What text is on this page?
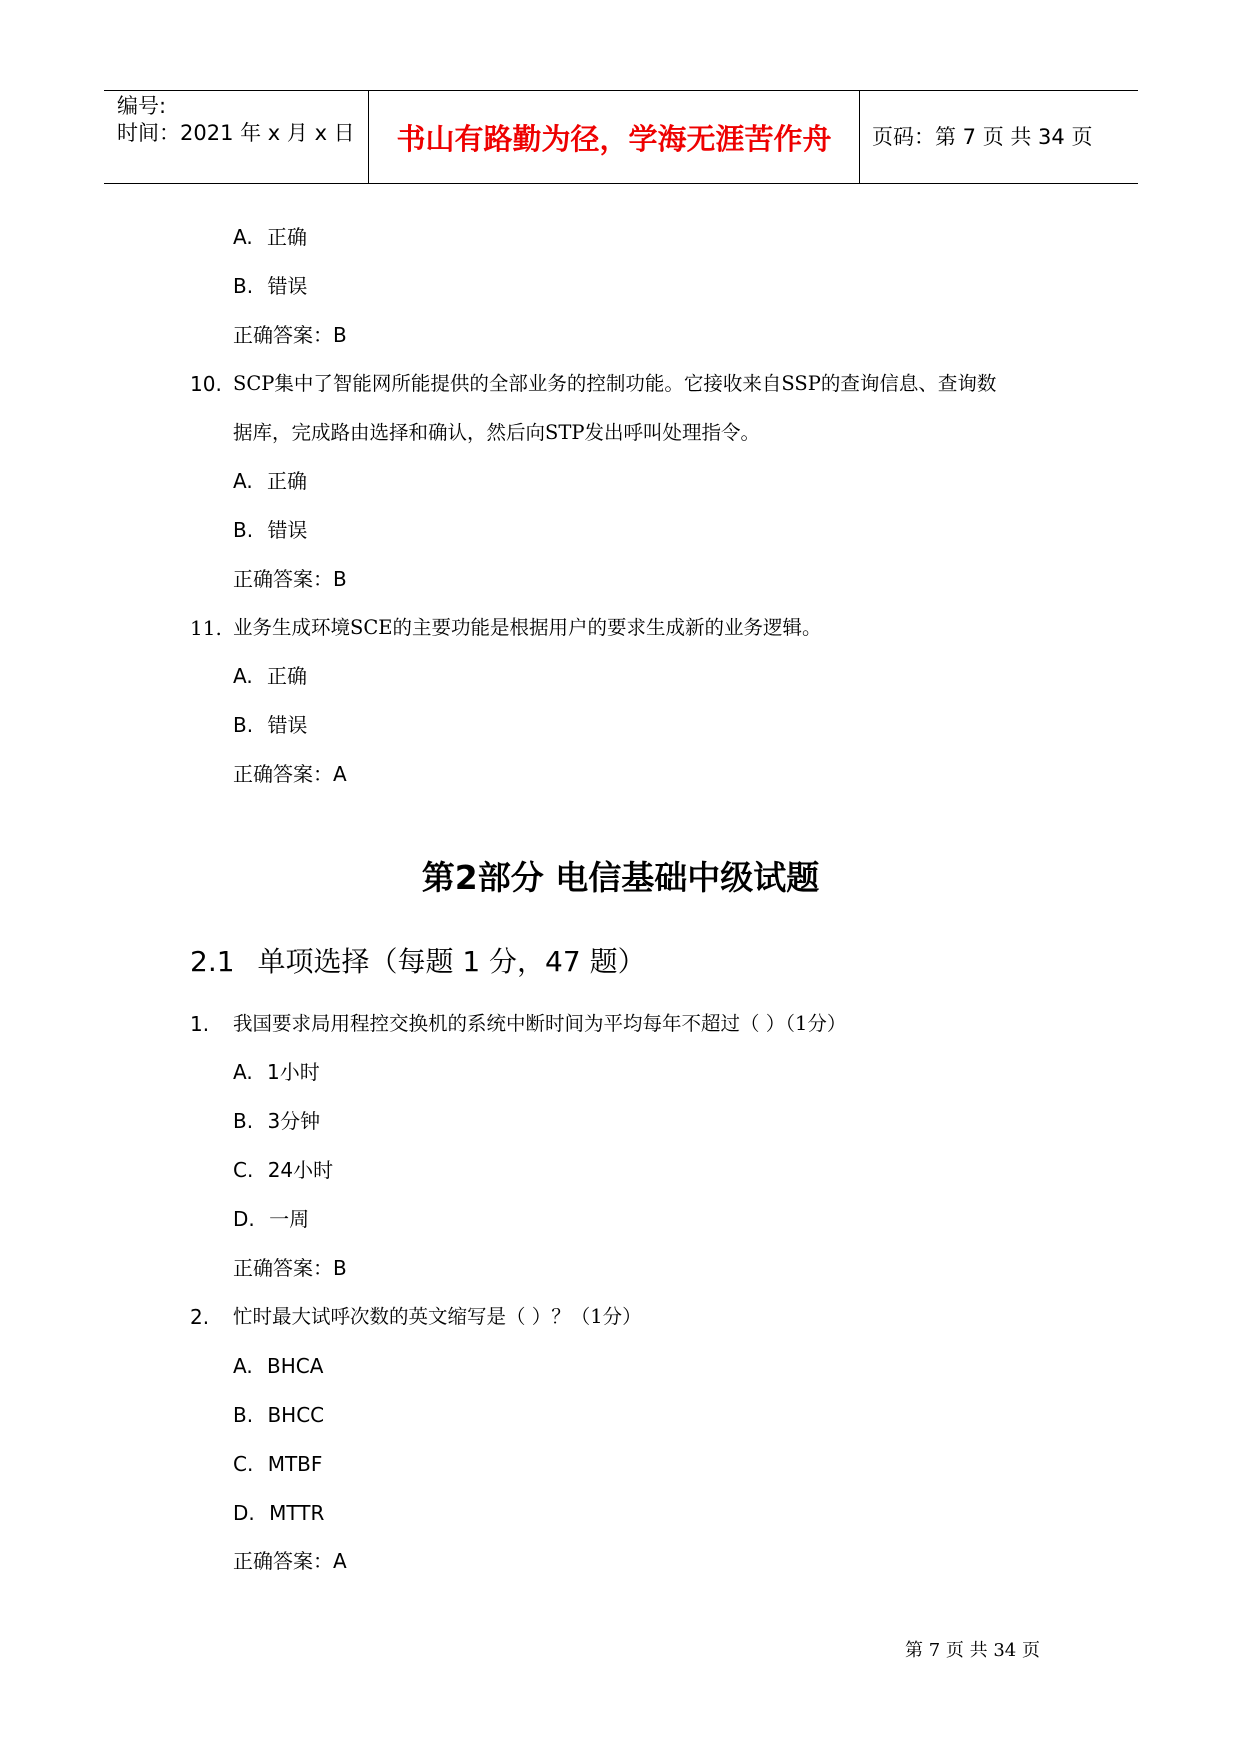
编号:
时间：2021 年 x 月 x 日	书山有路勤为径，学海无涯苦作舟	页码：第 7 页 共 34 页
A. 正确
B. 错误
正确答案：B
10. SCP集中了智能网所能提供的全部业务的控制功能。它接收来自SSP的查询信息、查询数
据库，完成路由选择和确认，然后向STP发出呼叫处理指令。
A. 正确
B. 错误
正确答案：B
11. 业务生成环境SCE的主要功能是根据用户的要求生成新的业务逻辑。
A. 正确
B. 错误
正确答案：A
第2部分 电信基础中级试题
2.1 单项选择（每题 1 分，47 题）
1. 我国要求局用程控交换机的系统中断时间为平均每年不超过（ ）（1分）
A. 1小时
B. 3分钟
C. 24小时
D. 一周
正确答案：B
2. 忙时最大试呼次数的英文缩写是（ ）？（1分）
A. BHCA
B. BHCC
C. MTBF
D. MTTR
正确答案：A
第 7 页 共 34 页
